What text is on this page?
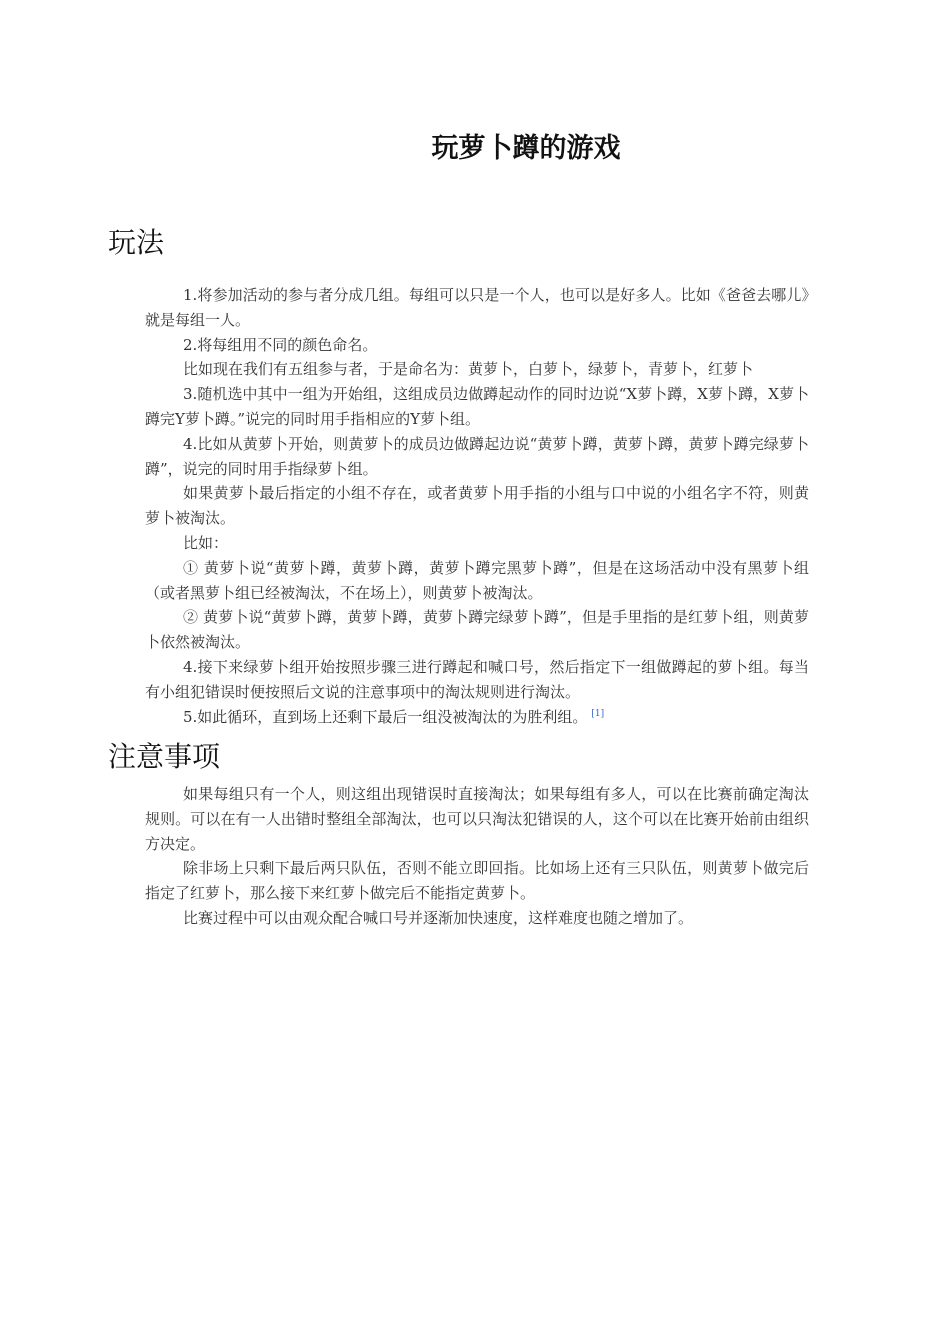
玩萝卜蹲的游戏
玩法

1.将参加活动的参与者分成几组。每组可以只是一个人，也可以是好多人。比如《爸爸去哪儿》就是每组一人。

2.将每组用不同的颜色命名。

比如现在我们有五组参与者，于是命名为：黄萝卜，白萝卜，绿萝卜，青萝卜，红萝卜

3.随机选中其中一组为开始组，这组成员边做蹲起动作的同时边说“X萝卜蹲，X萝卜蹲，X萝卜蹲完Y萝卜蹲。”说完的同时用手指相应的Y萝卜组。

4.比如从黄萝卜开始，则黄萝卜的成员边做蹲起边说“黄萝卜蹲，黄萝卜蹲，黄萝卜蹲完绿萝卜蹲”，说完的同时用手指绿萝卜组。

如果黄萝卜最后指定的小组不存在，或者黄萝卜用手指的小组与口中说的小组名字不符，则黄萝卜被淘汰。

比如：

① 黄萝卜说“黄萝卜蹲，黄萝卜蹲，黄萝卜蹲完黑萝卜蹲”，但是在这场活动中没有黑萝卜组（或者黑萝卜组已经被淘汰，不在场上），则黄萝卜被淘汰。

② 黄萝卜说“黄萝卜蹲，黄萝卜蹲，黄萝卜蹲完绿萝卜蹲”，但是手里指的是红萝卜组，则黄萝卜依然被淘汰。

4.接下来绿萝卜组开始按照步骤三进行蹲起和喊口号，然后指定下一组做蹲起的萝卜组。每当有小组犯错误时便按照后文说的注意事项中的淘汰规则进行淘汰。

5.如此循环，直到场上还剩下最后一组没被淘汰的为胜利组。 [1]

注意事项

如果每组只有一个人，则这组出现错误时直接淘汰；如果每组有多人，可以在比赛前确定淘汰规则。可以在有一人出错时整组全部淘汰，也可以只淘汰犯错误的人，这个可以在比赛开始前由组织方决定。

除非场上只剩下最后两只队伍，否则不能立即回指。比如场上还有三只队伍，则黄萝卜做完后指定了红萝卜，那么接下来红萝卜做完后不能指定黄萝卜。

比赛过程中可以由观众配合喊口号并逐渐加快速度，这样难度也随之增加了。
